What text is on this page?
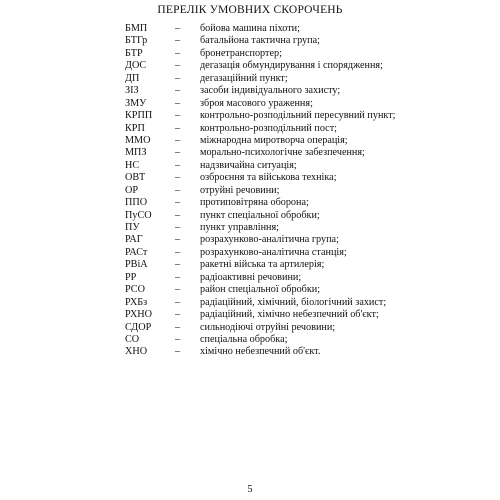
ПЕРЕЛІК УМОВНИХ СКОРОЧЕНЬ
БМП	–	бойова машина піхоти;
БТГр	–	батальйона тактична група;
БТР	–	бронетранспортер;
ДОС	–	дегазація обмундирування і спорядження;
ДП	–	дегазаційний пункт;
ЗІЗ	–	засоби індивідуального захисту;
ЗМУ	–	зброя масового ураження;
КРПП	–	контрольно-розподільний пересувний пункт;
КРП	–	контрольно-розподільний пост;
ММО	–	міжнародна миротворча операція;
МПЗ	–	морально-психологічне забезпечення;
НС	–	надзвичайна ситуація;
ОВТ	–	озброєння та військова техніка;
ОР	–	отруйні речовини;
ППО	–	протиповітряна оборона;
ПуСО	–	пункт спеціальної обробки;
ПУ	–	пункт управління;
РАГ	–	розрахунково-аналітична група;
РАСт	–	розрахунково-аналітична станція;
РВіА	–	ракетні війська та артилерія;
РР	–	радіоактивні речовини;
РСО	–	район спеціальної обробки;
РХБз	–	радіаційний, хімічний, біологічний захист;
РХНО	–	радіаційний, хімічно небезпечний об'єкт;
СДОР	–	сильнодіючі отруйні речовини;
СО	–	спеціальна обробка;
ХНО	–	хімічно небезпечний об'єкт.
5
